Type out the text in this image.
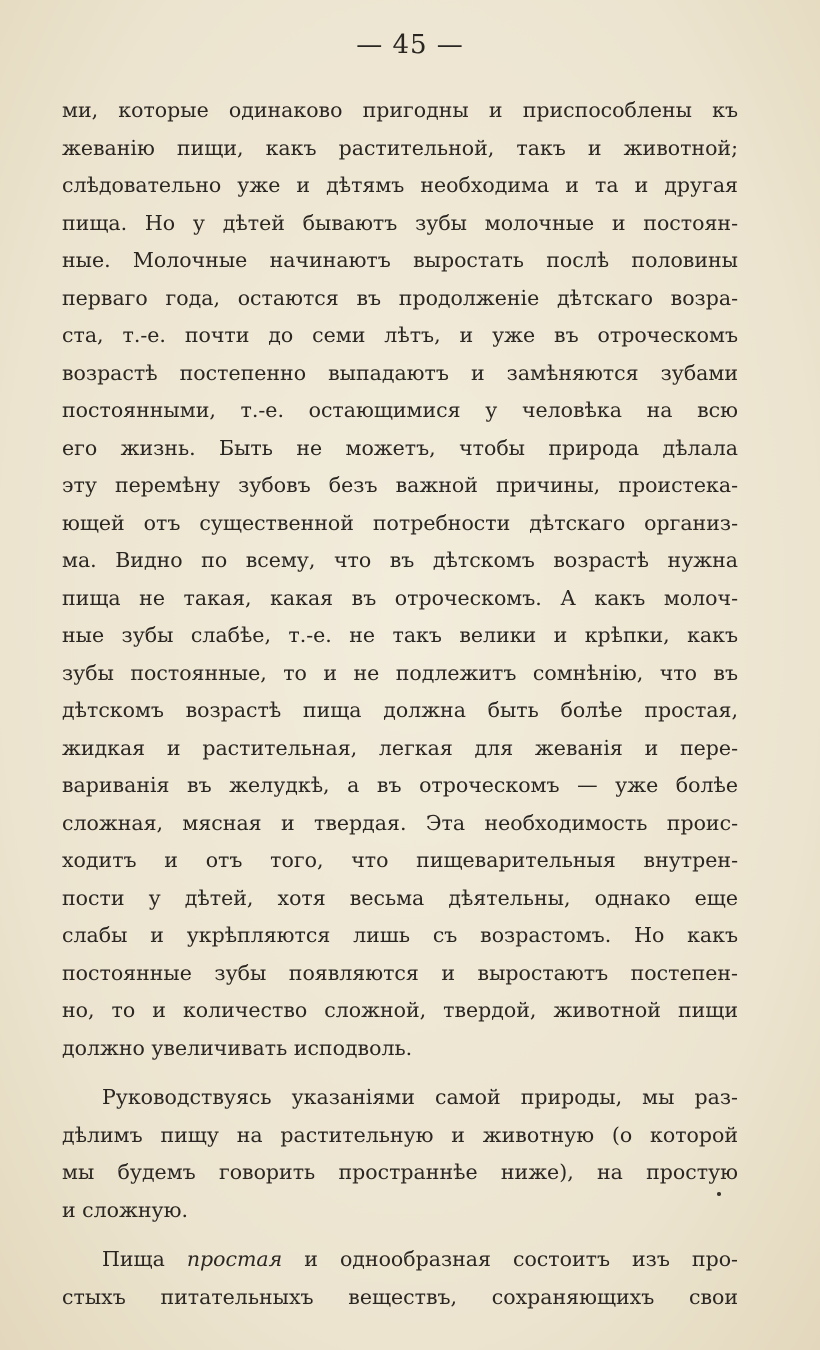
— 45 —
ми, которые одинаково пригодны и приспособлены къ
жеванію пищи, какъ растительной, такъ и животной;
слѣдовательно уже и дѣтямъ необходима и та и другая
пища. Но у дѣтей бываютъ зубы молочные и постоян-
ные. Молочные начинаютъ выростать послѣ половины
перваго года, остаются въ продолженіе дѣтскаго возра-
ста, т.-е. почти до семи лѣтъ, и уже въ отроческомъ
возрастѣ постепенно выпадаютъ и замѣняются зубами
постоянными, т.-е. остающимися у человѣка на всю
его жизнь. Быть не можетъ, чтобы природа дѣлала
эту перемѣну зубовъ безъ важной причины, проистека-
ющей отъ существенной потребности дѣтскаго организ-
ма. Видно по всему, что въ дѣтскомъ возрастѣ нужна
пища не такая, какая въ отроческомъ. А какъ молоч-
ные зубы слабѣе, т.-е. не такъ велики и крѣпки, какъ
зубы постоянные, то и не подлежитъ сомнѣнію, что въ
дѣтскомъ возрастѣ пища должна быть болѣе простая,
жидкая и растительная, легкая для жеванія и пере-
вариванія въ желудкѣ, а въ отроческомъ — уже болѣе
сложная, мясная и твердая. Эта необходимость проис-
ходитъ и отъ того, что пищеварительныя внутрен-
пости у дѣтей, хотя весьма дѣятельны, однако еще
слабы и укрѣпляются лишь съ возрастомъ. Но какъ
постоянные зубы появляются и выростаютъ постепен-
но, то и количество сложной, твердой, животной пищи
должно увеличивать исподволь.
Руководствуясь указаніями самой природы, мы раз-
дѣлимъ пищу на растительную и животную (о которой
мы будемъ говорить пространнѣе ниже), на простую
и сложную.
Пища простая и однообразная состоитъ изъ про-
стыхъ питательныхъ веществъ, сохраняющихъ свои
